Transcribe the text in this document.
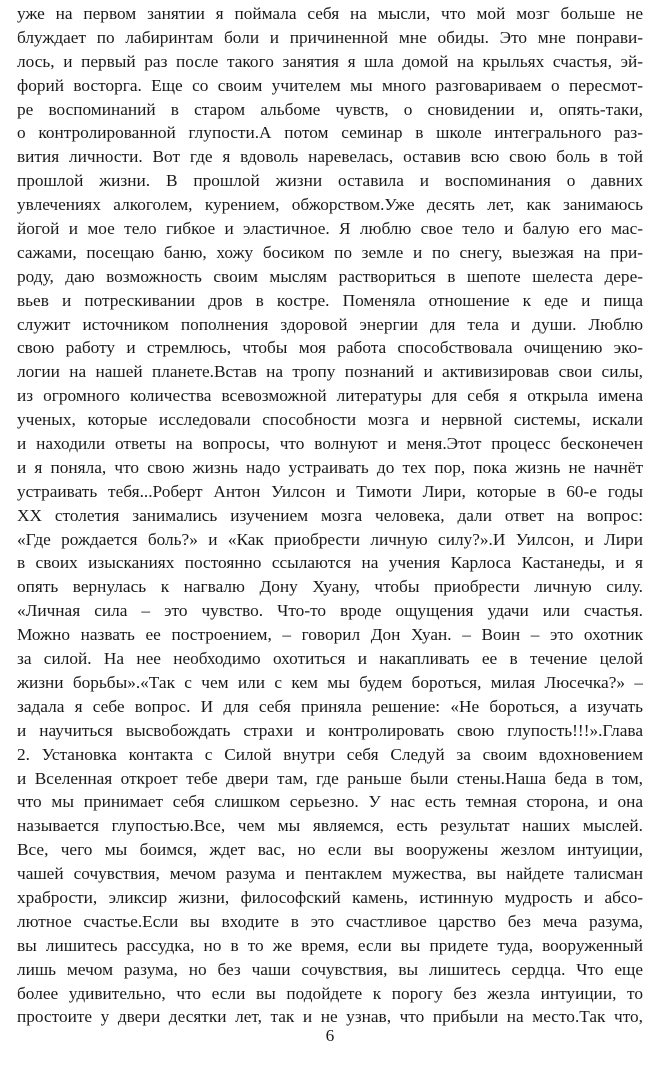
уже на первом занятии я поймала себя на мысли, что мой мозг больше не
блуждает по лабиринтам боли и причиненной мне обиды. Это мне понрави-
лось, и первый раз после такого занятия я шла домой на крыльях счастья, эй-
форий восторга. Еще со своим учителем мы много разговариваем о пересмот-
ре воспоминаний в старом альбоме чувств, о сновидении и, опять-таки,
о контролированной глупости.А потом семинар в школе интегрального раз-
вития личности. Вот где я вдоволь наревелась, оставив всю свою боль в той
прошлой жизни. В прошлой жизни оставила и воспоминания о давних
увлечениях алкоголем, курением, обжорством.Уже десять лет, как занимаюсь
йогой и мое тело гибкое и эластичное. Я люблю свое тело и балую его мас-
сажами, посещаю баню, хожу босиком по земле и по снегу, выезжая на при-
роду, даю возможность своим мыслям раствориться в шепоте шелеста дере-
вьев и потрескивании дров в костре. Поменяла отношение к еде и пища
служит источником пополнения здоровой энергии для тела и души. Люблю
свою работу и стремлюсь, чтобы моя работа способствовала очищению эко-
логии на нашей планете.Встав на тропу познаний и активизировав свои силы,
из огромного количества всевозможной литературы для себя я открыла имена
ученых, которые исследовали способности мозга и нервной системы, искали
и находили ответы на вопросы, что волнуют и меня.Этот процесс бесконечен
и я поняла, что свою жизнь надо устраивать до тех пор, пока жизнь не начнёт
устраивать тебя...Роберт Антон Уилсон и Тимоти Лири, которые в 60-е годы
XX столетия занимались изучением мозга человека, дали ответ на вопрос:
«Где рождается боль?» и «Как приобрести личную силу?».И Уилсон, и Лири
в своих изысканиях постоянно ссылаются на учения Карлоса Кастанеды, и я
опять вернулась к нагвалю Дону Хуану, чтобы приобрести личную силу.
«Личная сила – это чувство. Что-то вроде ощущения удачи или счастья.
Можно назвать ее построением, – говорил Дон Хуан. – Воин – это охотник
за силой. На нее необходимо охотиться и накапливать ее в течение целой
жизни борьбы».«Так с чем или с кем мы будем бороться, милая Люсечка?» –
задала я себе вопрос. И для себя приняла решение: «Не бороться, а изучать
и научиться высвобождать страхи и контролировать свою глупость!!!».Глава
2. Установка контакта с Силой внутри себя Следуй за своим вдохновением
и Вселенная откроет тебе двери там, где раньше были стены.Наша беда в том,
что мы принимает себя слишком серьезно. У нас есть темная сторона, и она
называется глупостью.Все, чем мы являемся, есть результат наших мыслей.
Все, чего мы боимся, ждет вас, но если вы вооружены жезлом интуиции,
чашей сочувствия, мечом разума и пентаклем мужества, вы найдете талисман
храбрости, эликсир жизни, философский камень, истинную мудрость и абсо-
лютное счастье.Если вы входите в это счастливое царство без меча разума,
вы лишитесь рассудка, но в то же время, если вы придете туда, вооруженный
лишь мечом разума, но без чаши сочувствия, вы лишитесь сердца. Что еще
более удивительно, что если вы подойдете к порогу без жезла интуиции, то
простоите у двери десятки лет, так и не узнав, что прибыли на место.Так что,
6
